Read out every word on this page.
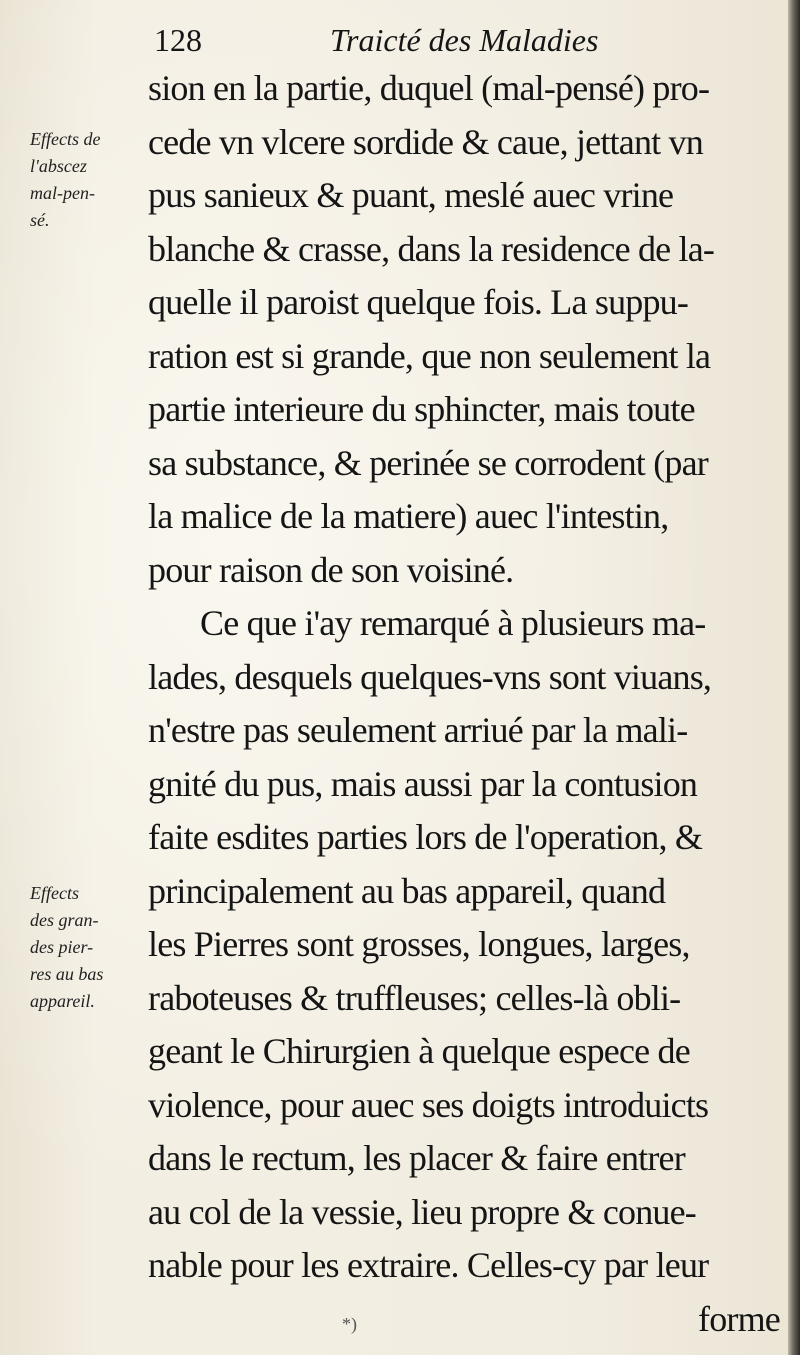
128	Traicté des Maladies
Effects de
l'abscez
mal-pen-
sé.
Effects
des gran-
des pier-
res au bas
appareil.
sion en la partie, duquel (mal-pensé) pro-
cede vn vlcere sordide & caue, jettant vn
pus sanieux & puant, meslé auec vrine
blanche & crasse, dans la residence de la-
quelle il paroist quelque fois. La suppu-
ration est si grande, que non seulement la
partie interieure du sphincter, mais toute
sa substance, & perinée se corrodent (par
la malice de la matiere) auec l'intestin,
pour raison de son voisiné.
Ce que i'ay remarqué à plusieurs ma-
lades, desquels quelques-vns sont viuans,
n'estre pas seulement arriué par la mali-
gnité du pus, mais aussi par la contusion
faite esdites parties lors de l'operation, &
principalement au bas appareil, quand
les Pierres sont grosses, longues, larges,
raboteuses & truffleuses; celles-là obli-
geant le Chirurgien à quelque espece de
violence, pour auec ses doigts introduicts
dans le rectum, les placer & faire entrer
au col de la vessie, lieu propre & conue-
nable pour les extraire. Celles-cy par leur
forme
*)
